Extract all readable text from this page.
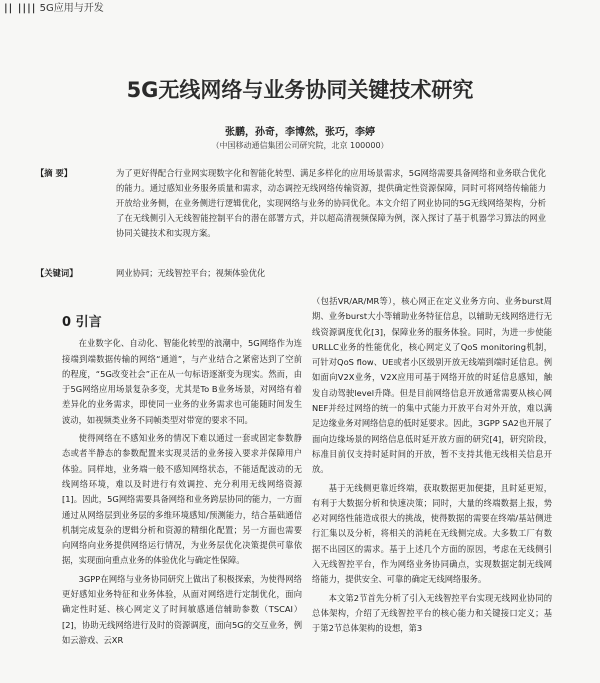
|| |||| 5G应用与开发
5G无线网络与业务协同关键技术研究
张鹏，孙奇，李博然，张巧，李婷
（中国移动通信集团公司研究院，北京 100000）
【摘 要】	为了更好得配合行业网实现数字化和智能化转型、满足多样化的应用场景需求，5G网络需要具备网络和业务联合优化的能力。通过感知业务服务质量和需求，动态调控无线网络传输资源，提供确定性资源保障，同时可将网络传输能力开放给业务侧，在业务侧进行逻辑优化，实现网络与业务的协同优化。本文介绍了网业协同的5G无线网络架构，分析了在无线侧引入无线智能控制平台的潜在部署方式，并以超高清视频保障为例，深入探讨了基于机器学习算法的网业协同关键技术和实现方案。
【关键词】	网业协同；无线智控平台；视频体验优化
0 引言

在业数字化、自动化、智能化转型的浪潮中，5G网络作为连接端到端数据传输的网络“通道”，与产业结合之紧密达到了空前的程度，“5G改变社会”正在从一句标语逐渐变为现实。然而，由于5G网络应用场景复杂多变，尤其是To B业务场景，对网络有着差异化的业务需求，即使同一业务的业务需求也可能随时间发生波动，如视频类业务不同帧类型对带宽的要求不同。

使得网络在不感知业务的情况下难以通过一套或固定参数静态或者半静态的参数配置来实现灵活的业务接入要求并保障用户体验。同样地，业务端一般不感知网络状态，不能适配波动的无线网络环境，难以及时进行有效调控、充分利用无线网络资源[1]。因此，5G网络需要具备网络和业务跨层协同的能力，一方面通过从网络层到业务层的多维环境感知/预测能力，结合基础通信机制完成复杂的逻辑分析和资源的精细化配置；另一方面也需要向网络向业务提供网络运行情况，为业务层优化决策提供可靠依据，实现面向重点业务的体验优化与确定性保障。

3GPP在网络与业务协同研究上做出了积极探索，为使得网络更好感知业务特征和业务体验，从面对网络进行定制优化，面向确定性时延、核心网定义了时间敏感通信辅助参数（TSCAI）[2]，协助无线网络进行及时的资源调度，面向5G的交互业务，例如云游戏、云XR

（包括VR/AR/MR等），核心网正在定义业务方向、业务burst周期、业务burst大小等辅助业务特征信息，以辅助无线网络进行无线资源调度优化[3]，保障业务的服务体验。同时，为进一步使能URLLC业务的性能优化，核心网定义了QoS monitoring机制，可针对QoS flow、UE或者小区级别开放无线端到端时延信息。例如面向V2X业务，V2X应用可基于网络开放的时延信息感知，触发自动驾驶level升降。但是目前网络信息开放通常需要从核心网NEF并经过网络的统一的集中式能力开放平台对外开放，难以满足边缘业务对网络信息的低时延要求。因此，3GPP SA2也开展了面向边缘场景的网络信息低时延开放方面的研究[4]，研究阶段，标准目前仅支持时延时间的开放，暂不支持其他无线相关信息开放。

基于无线侧更靠近终端，获取数据更加便捷，且时延更短，有利于大数据分析和快速决策；同时，大量的终端数据上报，势必对网络性能造成很大的挑战，使得数据的需要在终端/基站侧进行汇集以及分析，将相关的消耗在无线侧完成。大多数工厂有数据不出园区的需求。基于上述几个方面的原因，考虑在无线侧引入无线智控平台，作为网络业务协同确点，实现数据定制无线网络能力，提供安全、可靠的确定无线网络服务。

本文第2节首先分析了引入无线智控平台实现无线网业协同的总体架构，介绍了无线智控平台的核心能力和关键接口定义；基于第2节总体架构的设想，第3
